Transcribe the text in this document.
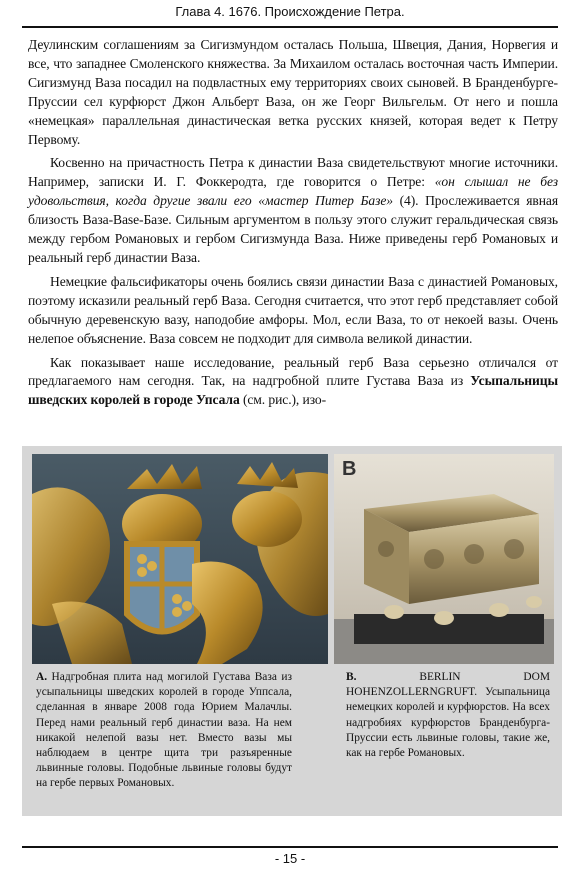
Глава 4. 1676. Происхождение Петра.

Деулинским соглашениям за Сигизмундом осталась Польша, Швеция, Дания, Норвегия и все, что западнее Смоленского княжества. За Михаилом осталась восточная часть Империи. Сигизмунд Ваза посадил на подвластных ему территориях своих сыновей. В Бранденбурге-Пруссии сел курфюрст Джон Альберт Ваза, он же Георг Вильгельм. От него и пошла «немецкая» параллельная династическая ветка русских князей, которая ведет к Петру Первому.

Косвенно на причастность Петра к династии Ваза свидетельствуют многие источники. Например, записки И. Г. Фоккеродта, где говорится о Петре: «он слышал не без удовольствия, когда другие звали его «мастер Питер Базе» (4). Прослеживается явная близость Ваза-Base-Базе. Сильным аргументом в пользу этого служит геральдическая связь между гербом Романовых и гербом Сигизмунда Ваза. Ниже приведены герб Романовых и реальный герб династии Ваза.

Немецкие фальсификаторы очень боялись связи династии Ваза с династией Романовых, поэтому исказили реальный герб Ваза. Сегодня считается, что этот герб представляет собой обычную деревенскую вазу, наподобие амфоры. Мол, если Ваза, то от некоей вазы. Очень нелепое объяснение. Ваза совсем не подходит для символа великой династии.

Как показывает наше исследование, реальный герб Ваза серьезно отличался от предлагаемого нам сегодня. Так, на надгробной плите Густава Ваза из Усыпальницы шведских королей в городе Упсала (см. рис.), изо-

B
A. Надгробная плита над могилой Густава Ваза из усыпальницы шведских королей в городе Уппсала, сделанная в январе 2008 года Юрием Малачлы. Перед нами реальный герб династии ваза. На нем никакой нелепой вазы нет. Вместо вазы мы наблюдаем в центре щита три разъяренные львинные головы. Подобные львиные головы будут на гербе первых Романовых.
B. BERLIN DOM HOHENZOLLERNGRUFT. Усыпальница немецких королей и курфюрстов. На всех надгробиях курфюрстов Бранденбурга-Пруссии есть львиные головы, такие же, как на гербе Романовых.
- 15 -
